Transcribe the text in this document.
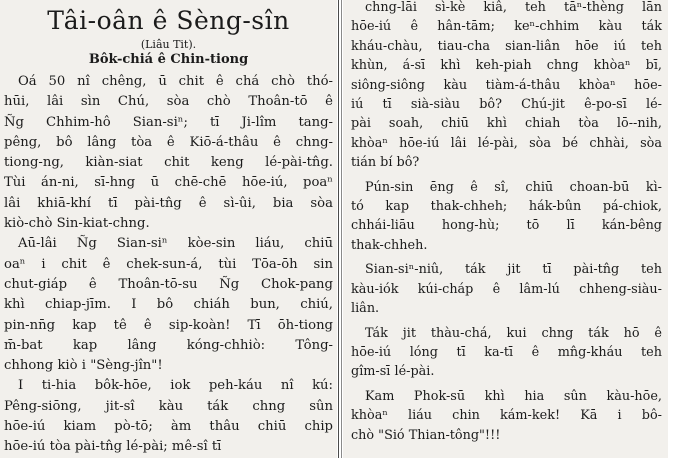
Tâi-oân ê Sèng-sîn
(Liâu Tit).
Bôk-chiá ê Chin-tiong
Oá 50 nî chêng, ū chit ê chá chò thó-
hūi, lâi sìn Chú, sòa chò Thoân-tō ê
Ñg Chhim-hô Sian-siⁿ; tī Ji-lîm tang-
pêng, bô lâng tòa ê Kiō-á-thâu ê chng-
tiong-ng, kiàn-siat chit keng lé-pài-tn̂g.
Tùi án-ni, sī-hng ū chē-chē hōe-iú, poaⁿ
lâi khiā-khí tī pài-tn̂g ê sì-ûi, bia sòa
kiò-chò Sin-kiat-chng.
Aū-lâi Ñg Sian-siⁿ kòe-sin liáu, chiū
oaⁿ i chit ê chek-sun-á, tùi Tōa-ōh sin
chut-giáp ê Thoân-tō-su Ñg Chok-pang
khì chiap-jīm. I bô chiáh bun, chiú,
pin-nn̄g kap tê ê sip-koàn! Tī ōh-tiong
m̄-bat kap lâng kóng-chhiò: Tông-
chhong kiò i "Sèng-jîn"!
I ti-hia bôk-hōe, iok peh-káu nî kú:
Pêng-siōng, jit-sî kàu ták chng sûn
hōe-iú kiam pò-tō; àm thâu chiū chip
hōe-iú tòa pài-tn̂g lé-pài; mê-sî tī
chng-lāi sì-kè kiâ, teh tāⁿ-thèng lān
hōe-iú ê hân-tām; keⁿ-chhim kàu ták
kháu-chàu, tiau-cha sian-liân hōe iú teh
khùn, á-sī khì keh-piah chng khòaⁿ bī,
siông-siông kàu tiàm-á-thâu khòaⁿ hōe-
iú tī sià-siàu bô? Chú-jit ê-po-sī lé-
pài soah, chiū khì chiah tòa lō--nih,
khòaⁿ hōe-iú lâi lé-pài, sòa bé chhài, sòa
tián bí bô?
Pún-sin ēng ê sî, chiū choan-bū kì-
tó kap thak-chheh; hák-bûn pá-chiok,
chhái-liāu hong-hù; tō lī kán-bêng
thak-chheh.
Sian-siⁿ-niû, ták jit tī pài-tn̂g teh
kàu-iók kúi-cháp ê lâm-lú chheng-siàu-
liân.
Ták jit thàu-chá, kui chng ták hō ê
hōe-iú lóng tī ka-tī ê mn̂g-kháu teh
gîm-sī lé-pài.
Kam Phok-sū khì hia sûn kàu-hōe,
khòaⁿ liáu chin kám-kek! Kā i bô-
chò "Sió Thian-tông"!!!
